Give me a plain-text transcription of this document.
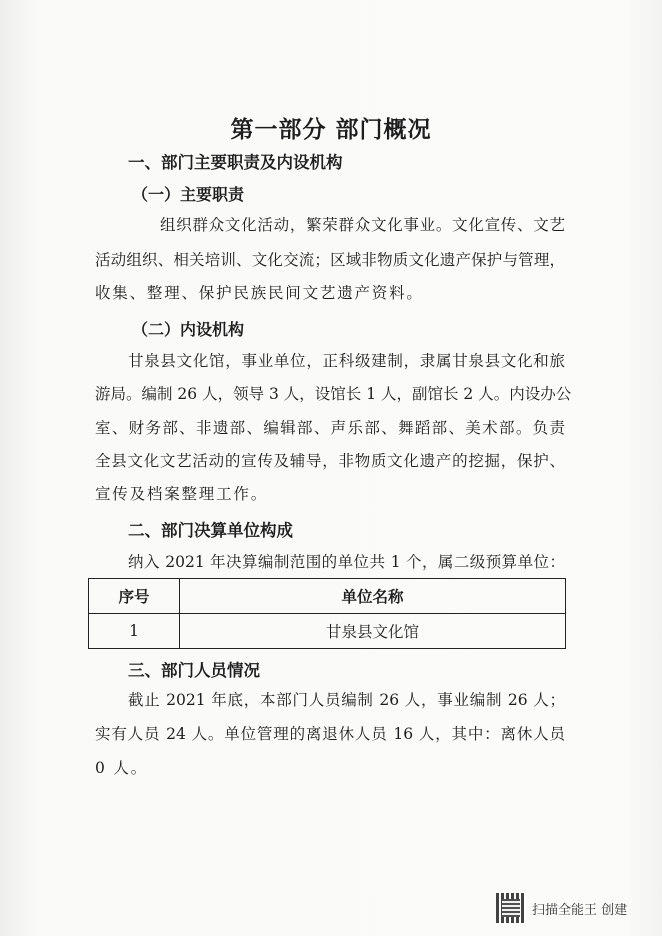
第一部分 部门概况
一、部门主要职责及内设机构
（一）主要职责
组织群众文化活动，繁荣群众文化事业。文化宣传、文艺
活动组织、相关培训、文化交流；区域非物质文化遗产保护与管理，
收集、整理、保护民族民间文艺遗产资料。
（二）内设机构
甘泉县文化馆，事业单位，正科级建制，隶属甘泉县文化和旅
游局。编制 26 人，领导 3 人，设馆长 1 人，副馆长 2 人。内设办公
室、财务部、非遗部、编辑部、声乐部、舞蹈部、美术部。负责
全县文化文艺活动的宣传及辅导，非物质文化遗产的挖掘，保护、
宣传及档案整理工作。
二、部门决算单位构成
纳入 2021 年决算编制范围的单位共 1 个，属二级预算单位：
序号	单位名称
1	甘泉县文化馆
三、部门人员情况
截止 2021 年底，本部门人员编制 26 人，事业编制 26 人；
实有人员 24 人。单位管理的离退休人员 16 人，其中：离休人员
0 人。
扫描全能王 创建
